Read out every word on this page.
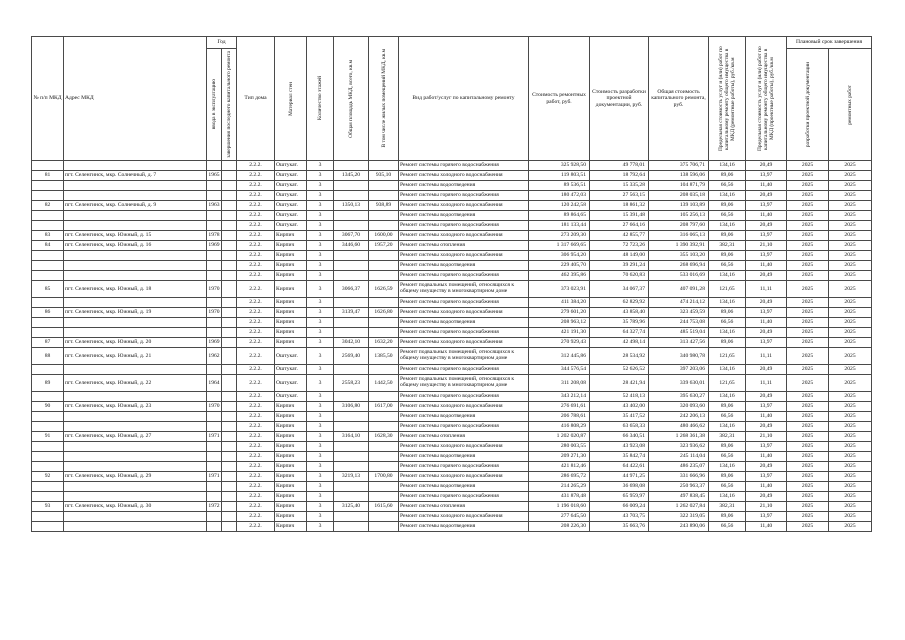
№ п/п МКД	Адрес МКД	Год		Тип дома	Материал стен	Количество этажей	Общая площадь МКД, всего, кв.м	В том числе жилых помещений МКД, кв.м	Вид работ/услуг по капитальному ремонту	Стоимость ремонтных работ, руб.	Стоимость разработки проектной документации, руб.	Общая стоимость капитального ремонта, руб.	Предельная стоимость услуг и (или) работ по капитальному ремонту общего имущества в МКД (ремонтные работы), руб./кв.м	Предельная стоимость услуг и (или) работ по капитальному ремонту общего имущества в МКД (проектные работы), руб./кв.м	Плановый срок завершения	

		ввода в эксплуатацию	завершения последнего капитального ремонта												разработки проектной документации	ремонтных работ

				2.2.2.	Оштукат.	3			Ремонт системы горячего водоснабжения	325 928,50	49 778,01	375 706,71	134,16	20,49	2025	2025
81	пгт. Селенгинск, мкр. Солнечный, д. 7	1965		2.2.2.	Оштукат.	3	1345,20	935,10	Ремонт системы холодного водоснабжения	119 803,51	18 792,64	138 596,06	89,06	13,97	2025	2025
				2.2.2.	Оштукат.	3			Ремонт системы водоотведения	89 536,51	15 335,28	104 871,79	66,56	11,40	2025	2025
				2.2.2.	Оштукат.	3			Ремонт системы горячего водоснабжения	180 472,03	27 563,15	208 035,18	134,16	20,49	2025	2025
82	пгт. Селенгинск, мкр. Солнечный, д. 9	1963		2.2.2.	Оштукат.	3	1350,13	938,89	Ремонт системы холодного водоснабжения	120 242,58	18 861,32	139 103,89	89,06	13,97	2025	2025
				2.2.2.	Оштукат.	3			Ремонт системы водоотведения	89 864,65	15 391,48	105 256,13	66,56	11,40	2025	2025
				2.2.2.	Оштукат.	3			Ремонт системы горячего водоснабжения	181 133,44	27 664,16	208 797,60	134,16	20,49	2025	2025
83	пгт. Селенгинск, мкр. Южный, д. 15	1978		2.2.2.	Кирпич	3	3067,70	1600,00	Ремонт системы холодного водоснабжения	273 209,30	42 855,77	316 065,13	89,06	13,97	2025	2025
84	пгт. Селенгинск, мкр. Южный, д. 16	1969		2.2.2.	Кирпич	3	3446,60	1957,20	Ремонт системы отопления	1 317 669,65	72 723,26	1 390 392,91	382,31	21,10	2025	2025
				2.2.2.	Кирпич	3			Ремонт системы холодного водоснабжения	306 954,20	48 149,00	355 103,20	89,06	13,97	2025	2025
				2.2.2.	Кирпич	3			Ремонт системы водоотведения	229 405,70	39 291,24	268 696,94	66,56	11,40	2025	2025
				2.2.2.	Кирпич	3			Ремонт системы горячего водоснабжения	462 395,86	70 620,83	533 016,69	134,16	20,49	2025	2025
85	пгт. Селенгинск, мкр. Южный, д. 18	1970		2.2.2.	Кирпич	3	3066,37	1626,59	Ремонт подвальных помещений, относящихся к общему имуществу в многоквартирном доме	373 023,91	34 067,37	407 091,28	121,65	11,11	2025	2025
				2.2.2.	Кирпич	3			Ремонт системы горячего водоснабжения	411 384,20	62 829,92	474 214,12	134,16	20,49	2025	2025
86	пгт. Селенгинск, мкр. Южный, д. 19	1970		2.2.2.	Кирпич	3	3139,47	1626,80	Ремонт системы холодного водоснабжения	279 601,20	43 858,40	323 459,59	89,06	13,97	2025	2025
				2.2.2.	Кирпич	3			Ремонт системы водоотведения	208 963,12	35 789,96	244 753,08	66,56	11,40	2025	2025
				2.2.2.	Кирпич	3			Ремонт системы горячего водоснабжения	421 191,30	64 327,74	485 519,04	134,16	20,49	2025	2025
87	пгт. Селенгинск, мкр. Южный, д. 20	1969		2.2.2.	Кирпич	3	3042,10	1632,20	Ремонт системы холодного водоснабжения	270 929,43	42 498,14	313 427,56	89,06	13,97	2025	2025
88	пгт. Селенгинск, мкр. Южный, д. 21	1962		2.2.2.	Оштукат.	3	2569,40	1385,50	Ремонт подвальных помещений, относящихся к общему имуществу в многоквартирном доме	312 445,86	28 534,92	340 980,78	121,65	11,11	2025	2025
				2.2.2.	Оштукат.	3			Ремонт системы горячего водоснабжения	344 576,54	52 626,52	397 203,06	134,16	20,49	2025	2025
89	пгт. Селенгинск, мкр. Южный, д. 22	1964		2.2.2.	Оштукат.	3	2558,23	1442,50	Ремонт подвальных помещений, относящихся к общему имуществу в многоквартирном доме	311 208,08	28 421,94	339 630,01	121,65	11,11	2025	2025
				2.2.2.	Оштукат.	3			Ремонт системы горячего водоснабжения	343 212,14	52 418,13	395 630,27	134,16	20,49	2025	2025
90	пгт. Селенгинск, мкр. Южный, д. 23	1970		2.2.2.	Кирпич	3	3106,80	1617,00	Ремонт системы холодного водоснабжения	276 691,61	43 402,00	320 093,60	89,06	13,97	2025	2025
				2.2.2.	Кирпич	3			Ремонт системы водоотведения	206 788,61	35 417,52	242 206,13	66,56	11,40	2025	2025
				2.2.2.	Кирпич	3			Ремонт системы горячего водоснабжения	416 808,29	63 658,33	480 466,62	134,16	20,49	2025	2025
91	пгт. Селенгинск, мкр. Южный, д. 27	1971		2.2.2.	Кирпич	3	3164,10	1628,30	Ремонт системы отопления	1 202 020,87	66 340,51	1 268 361,38	382,31	21,10	2025	2025
				2.2.2.	Кирпич	3			Ремонт системы холодного водоснабжения	280 003,55	43 923,08	323 936,62	89,06	13,97	2025	2025
				2.2.2.	Кирпич	3			Ремонт системы водоотведения	209 271,30	35 842,74	245 114,04	66,56	11,40	2025	2025
				2.2.2.	Кирпич	3			Ремонт системы горячего водоснабжения	421 812,46	64 422,61	486 235,07	134,16	20,49	2025	2025
92	пгт. Селенгинск, мкр. Южный, д. 29	1971		2.2.2.	Кирпич	3	3219,13	1700,80	Ремонт системы холодного водоснабжения	286 695,72	44 971,25	331 666,96	89,06	13,97	2025	2025
				2.2.2.	Кирпич	3			Ремонт системы водоотведения	214 265,29	36 698,08	250 963,37	66,56	11,40	2025	2025
				2.2.2.	Кирпич	3			Ремонт системы горячего водоснабжения	431 878,48	65 959,97	497 838,45	134,16	20,49	2025	2025
93	пгт. Селенгинск, мкр. Южный, д. 30	1972		2.2.2.	Кирпич	3	3125,40	1615,60	Ремонт системы отопления	1 196 018,60	66 009,24	1 262 027,84	382,31	21,10	2025	2025
				2.2.2.	Кирпич	3			Ремонт системы холодного водоснабжения	277 645,50	43 703,75	322 319,05	89,06	13,97	2025	2025
				2.2.2.	Кирпич	3			Ремонт системы водоотведения	208 226,30	35 663,76	243 890,06	66,56	11,40	2025	2025
